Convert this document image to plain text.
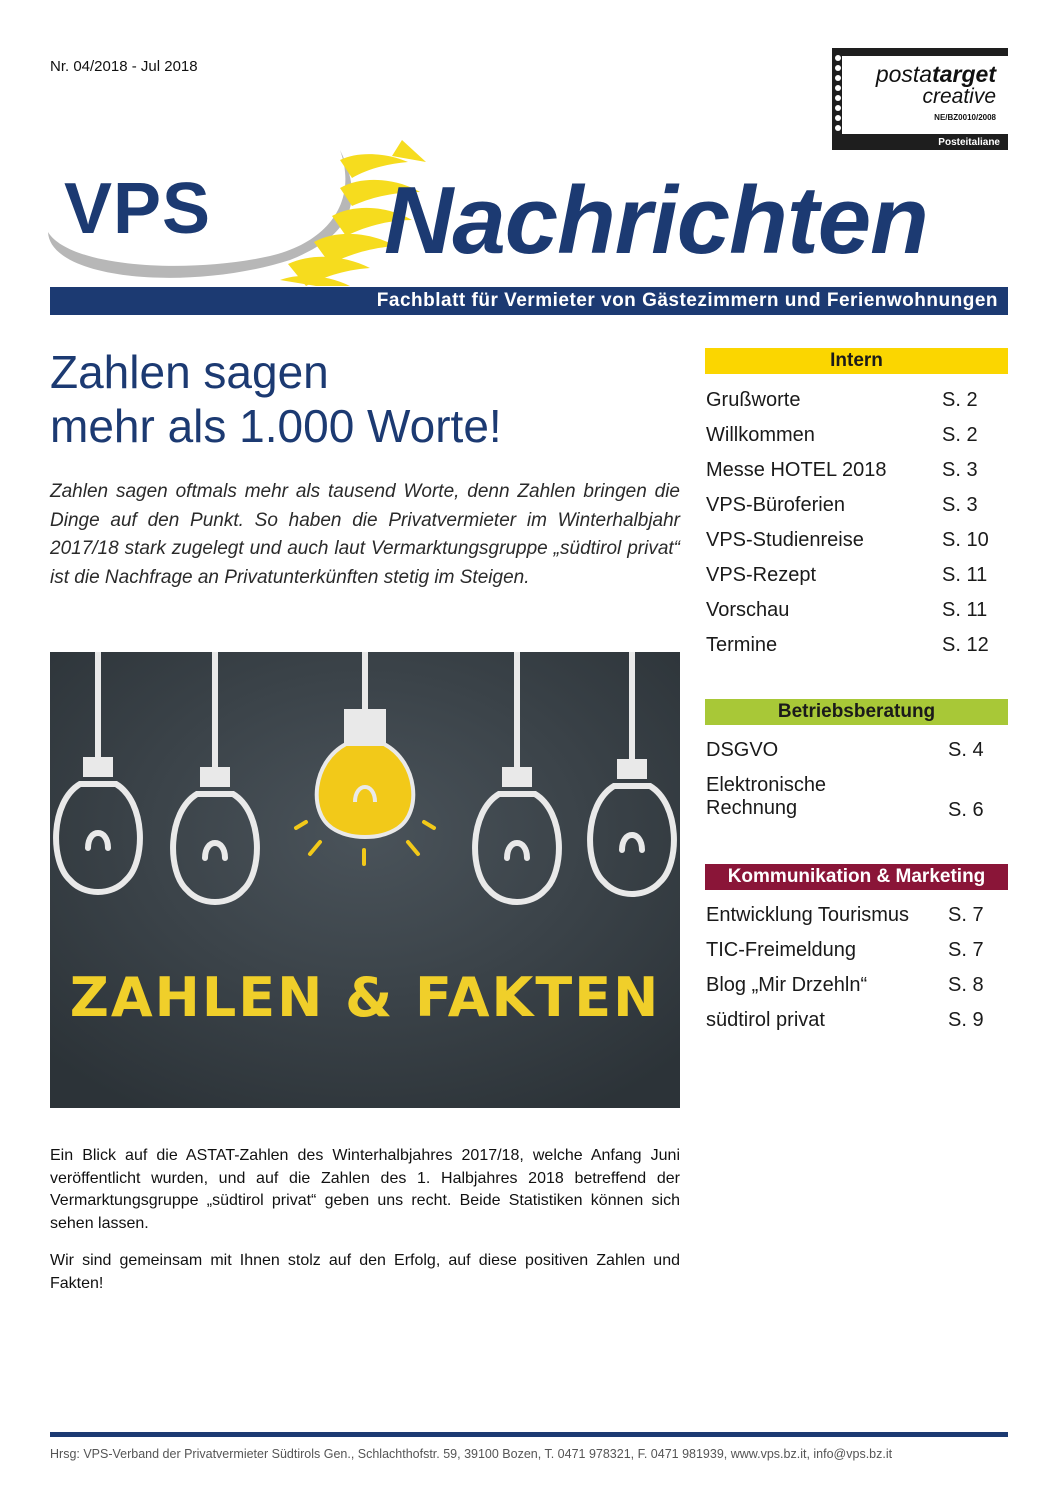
Nr. 04/2018 - Jul 2018	postatarget
creative
NE/BZ0010/2008
Posteitaliane
VPS Nachrichten
Fachblatt für Vermieter von Gästezimmern und Ferienwohnungen
Zahlen sagen
mehr als 1.000 Worte!
Zahlen sagen oftmals mehr als tausend Worte, denn Zahlen bringen die Dinge auf den Punkt. So haben die Privatvermieter im Winterhalbjahr 2017/18 stark zugelegt und auch laut Vermarktungsgruppe „südtirol privat“ ist die Nachfrage an Privatunterkünften stetig im Steigen.
ZAHLEN & FAKTEN
Ein Blick auf die ASTAT-Zahlen des Winterhalbjahres 2017/18, welche Anfang Juni veröffentlicht wurden, und auf die Zahlen des 1. Halbjahres 2018 betreffend der Vermarktungsgruppe „südtirol privat“ geben uns recht. Beide Statistiken können sich sehen lassen.
Wir sind gemeinsam mit Ihnen stolz auf den Erfolg, auf diese positiven Zahlen und Fakten!
Intern
Grußworte	S. 2
Willkommen	S. 2
Messe HOTEL 2018	S. 3
VPS-Büroferien	S. 3
VPS-Studienreise	S. 10
VPS-Rezept	S. 11
Vorschau	S. 11
Termine	S. 12
Betriebsberatung
DSGVO	S. 4
Elektronische
Rechnung	S. 6
Kommunikation & Marketing
Entwicklung Tourismus S. 7
TIC-Freimeldung	S. 7
Blog „Mir Drzehln“	S. 8
südtirol privat	S. 9
Hrsg: VPS-Verband der Privatvermieter Südtirols Gen., Schlachthofstr. 59, 39100 Bozen, T. 0471 978321, F. 0471 981939, www.vps.bz.it, info@vps.bz.it
